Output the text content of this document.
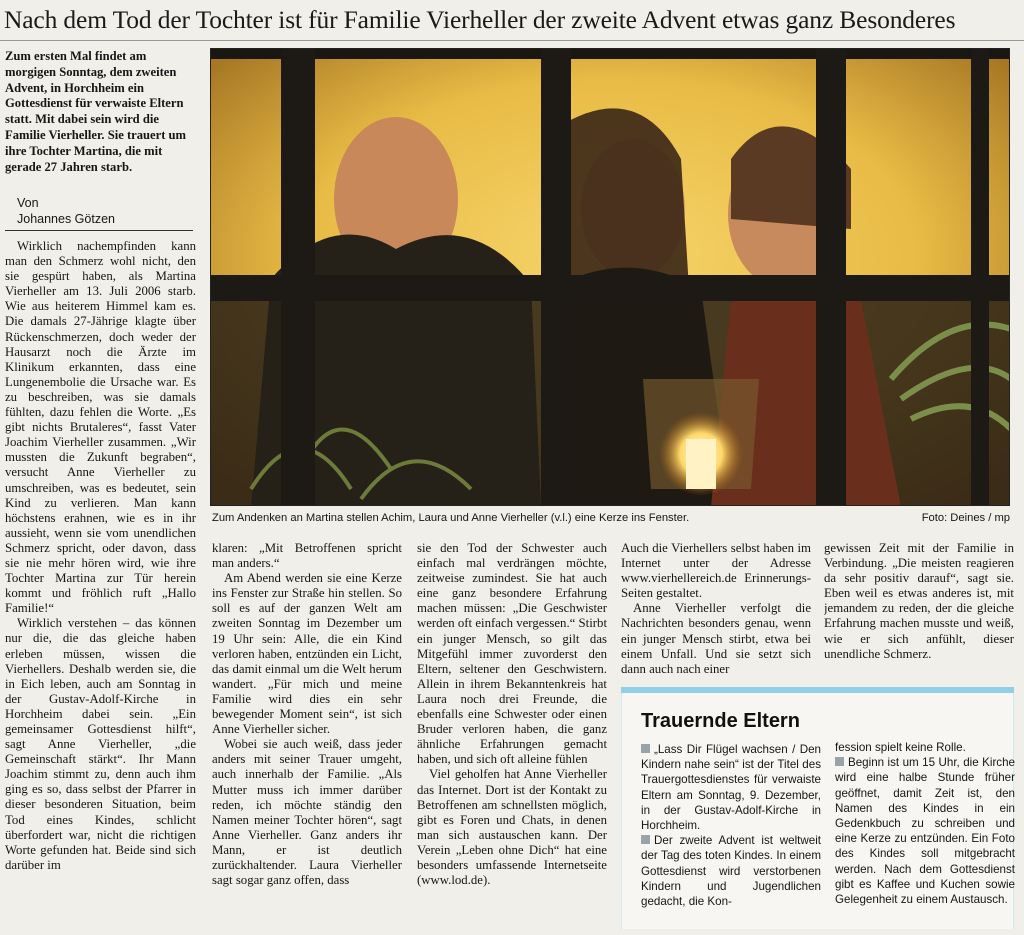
Nach dem Tod der Tochter ist für Familie Vierheller der zweite Advent etwas ganz Besonderes
Zum ersten Mal findet am morgigen Sonntag, dem zweiten Advent, in Horchheim ein Gottesdienst für verwaiste Eltern statt. Mit dabei sein wird die Familie Vierheller. Sie trauert um ihre Tochter Martina, die mit gerade 27 Jahren starb.
Von
Johannes Götzen

Wirklich nachempfinden kann man den Schmerz wohl nicht, den sie gespürt haben, als Martina Vierheller am 13. Juli 2006 starb. Wie aus heiterem Himmel kam es. Die damals 27-Jährige klagte über Rückenschmerzen, doch weder der Hausarzt noch die Ärzte im Klinikum erkannten, dass eine Lungenembolie die Ursache war. Es zu beschreiben, was sie damals fühlten, dazu fehlen die Worte. „Es gibt nichts Brutaleres“, fasst Vater Joachim Vierheller zusammen. „Wir mussten die Zukunft begraben“, versucht Anne Vierheller zu umschreiben, was es bedeutet, sein Kind zu verlieren. Man kann höchstens erahnen, wie es in ihr aussieht, wenn sie vom unendlichen Schmerz spricht, oder davon, dass sie nie mehr hören wird, wie ihre Tochter Martina zur Tür herein kommt und fröhlich ruft „Hallo Familie!“

Wirklich verstehen – das können nur die, die das gleiche haben erleben müssen, wissen die Vierhellers. Deshalb werden sie, die in Eich leben, auch am Sonntag in der Gustav-Adolf-Kirche in Horchheim dabei sein. „Ein gemeinsamer Gottesdienst hilft“, sagt Anne Vierheller, „die Gemeinschaft stärkt“. Ihr Mann Joachim stimmt zu, denn auch ihm ging es so, dass selbst der Pfarrer in dieser besonderen Situation, beim Tod eines Kindes, schlicht überfordert war, nicht die richtigen Worte gefunden hat. Beide sind sich darüber im

Zum Andenken an Martina stellen Achim, Laura und Anne Vierheller (v.l.) eine Kerze ins Fenster.	Foto: Deines / mp

klaren: „Mit Betroffenen spricht man anders.“

Am Abend werden sie eine Kerze ins Fenster zur Straße hin stellen. So soll es auf der ganzen Welt am zweiten Sonntag im Dezember um 19 Uhr sein: Alle, die ein Kind verloren haben, entzünden ein Licht, das damit einmal um die Welt herum wandert. „Für mich und meine Familie wird dies ein sehr bewegender Moment sein“, ist sich Anne Vierheller sicher.

Wobei sie auch weiß, dass jeder anders mit seiner Trauer umgeht, auch innerhalb der Familie. „Als Mutter muss ich immer darüber reden, ich möchte ständig den Namen meiner Tochter hören“, sagt Anne Vierheller. Ganz anders ihr Mann, er ist deutlich zurückhaltender. Laura Vierheller sagt sogar ganz offen, dass

sie den Tod der Schwester auch einfach mal verdrängen möchte, zeitweise zumindest. Sie hat auch eine ganz besondere Erfahrung machen müssen: „Die Geschwister werden oft einfach vergessen.“ Stirbt ein junger Mensch, so gilt das Mitgefühl immer zuvorderst den Eltern, seltener den Geschwistern. Allein in ihrem Bekanntenkreis hat Laura noch drei Freunde, die ebenfalls eine Schwester oder einen Bruder verloren haben, die ganz ähnliche Erfahrungen gemacht haben, und sich oft alleine fühlen

Viel geholfen hat Anne Vierheller das Internet. Dort ist der Kontakt zu Betroffenen am schnellsten möglich, gibt es Foren und Chats, in denen man sich austauschen kann. Der Verein „Leben ohne Dich“ hat eine besonders umfassende Internetseite (www.lod.de).

Auch die Vierhellers selbst haben im Internet unter der Adresse www.vierhellereich.de Erinnerungs-Seiten gestaltet.

Anne Vierheller verfolgt die Nachrichten besonders genau, wenn ein junger Mensch stirbt, etwa bei einem Unfall. Und sie setzt sich dann auch nach einer

gewissen Zeit mit der Familie in Verbindung. „Die meisten reagieren da sehr positiv darauf“, sagt sie. Eben weil es etwas anderes ist, mit jemandem zu reden, der die gleiche Erfahrung machen musste und weiß, wie er sich anfühlt, dieser unendliche Schmerz.

Trauernde Eltern

„Lass Dir Flügel wachsen / Den Kindern nahe sein“ ist der Titel des Trauergottesdienstes für verwaiste Eltern am Sonntag, 9. Dezember, in der Gustav-Adolf-Kirche in Horchheim.

Der zweite Advent ist weltweit der Tag des toten Kindes. In einem Gottesdienst wird verstorbenen Kindern und Jugendlichen gedacht, die Kon-

fession spielt keine Rolle.

Beginn ist um 15 Uhr, die Kirche wird eine halbe Stunde früher geöffnet, damit Zeit ist, den Namen des Kindes in ein Gedenkbuch zu schreiben und eine Kerze zu entzünden. Ein Foto des Kindes soll mitgebracht werden. Nach dem Gottesdienst gibt es Kaffee und Kuchen sowie Gelegenheit zu einem Austausch.
